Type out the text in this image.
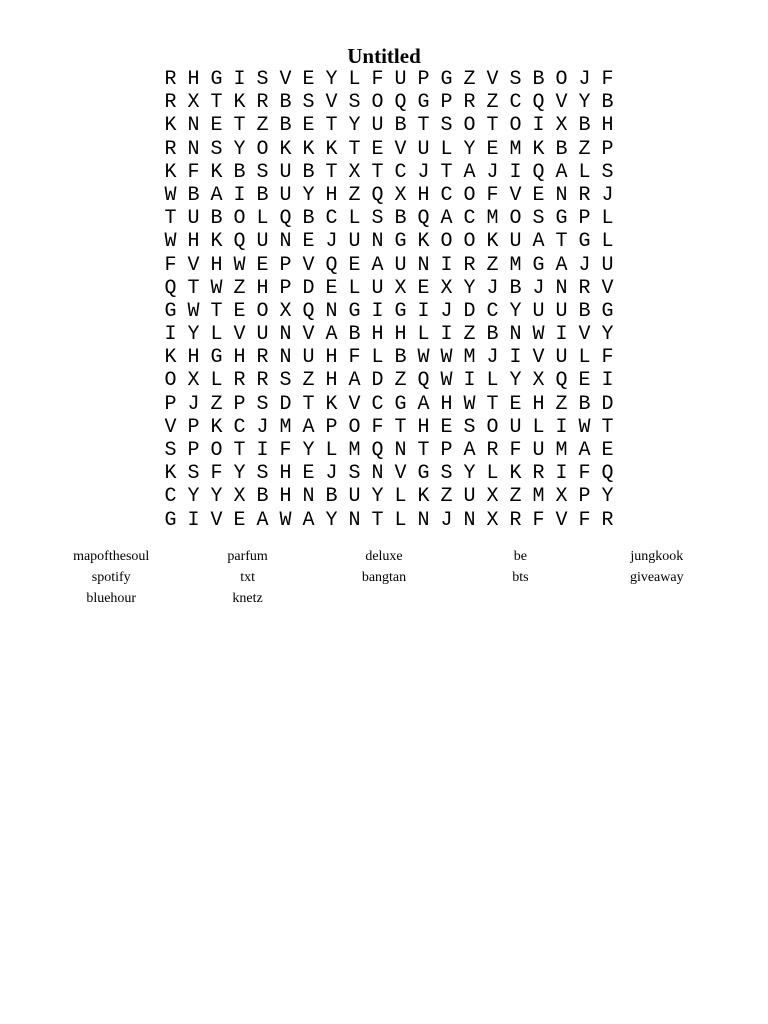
Untitled
R H G I S V E Y L F U P G Z V S B O J F
R X T K R B S V S O Q G P R Z C Q V Y B
K N E T Z B E T Y U B T S O T O I X B H
R N S Y O K K K T E V U L Y E M K B Z P
K F K B S U B T X T C J T A J I Q A L S
W B A I B U Y H Z Q X H C O F V E N R J
T U B O L Q B C L S B Q A C M O S G P L
W H K Q U N E J U N G K O O K U A T G L
F V H W E P V Q E A U N I R Z M G A J U
Q T W Z H P D E L U X E X Y J B J N R V
G W T E O X Q N G I G I J D C Y U U B G
I Y L V U N V A B H H L I Z B N W I V Y
K H G H R N U H F L B W W M J I V U L F
O X L R R S Z H A D Z Q W I L Y X Q E I
P J Z P S D T K V C G A H W T E H Z B D
V P K C J M A P O F T H E S O U L I W T
S P O T I F Y L M Q N T P A R F U M A E
K S F Y S H E J S N V G S Y L K R I F Q
C Y Y X B H N B U Y L K Z U X Z M X P Y
G I V E A W A Y N T L N J N X R F V F R
mapofthesoul	parfum	deluxe	be	jungkook
spotify	txt	bangtan	bts	giveaway
bluehour	knetz
